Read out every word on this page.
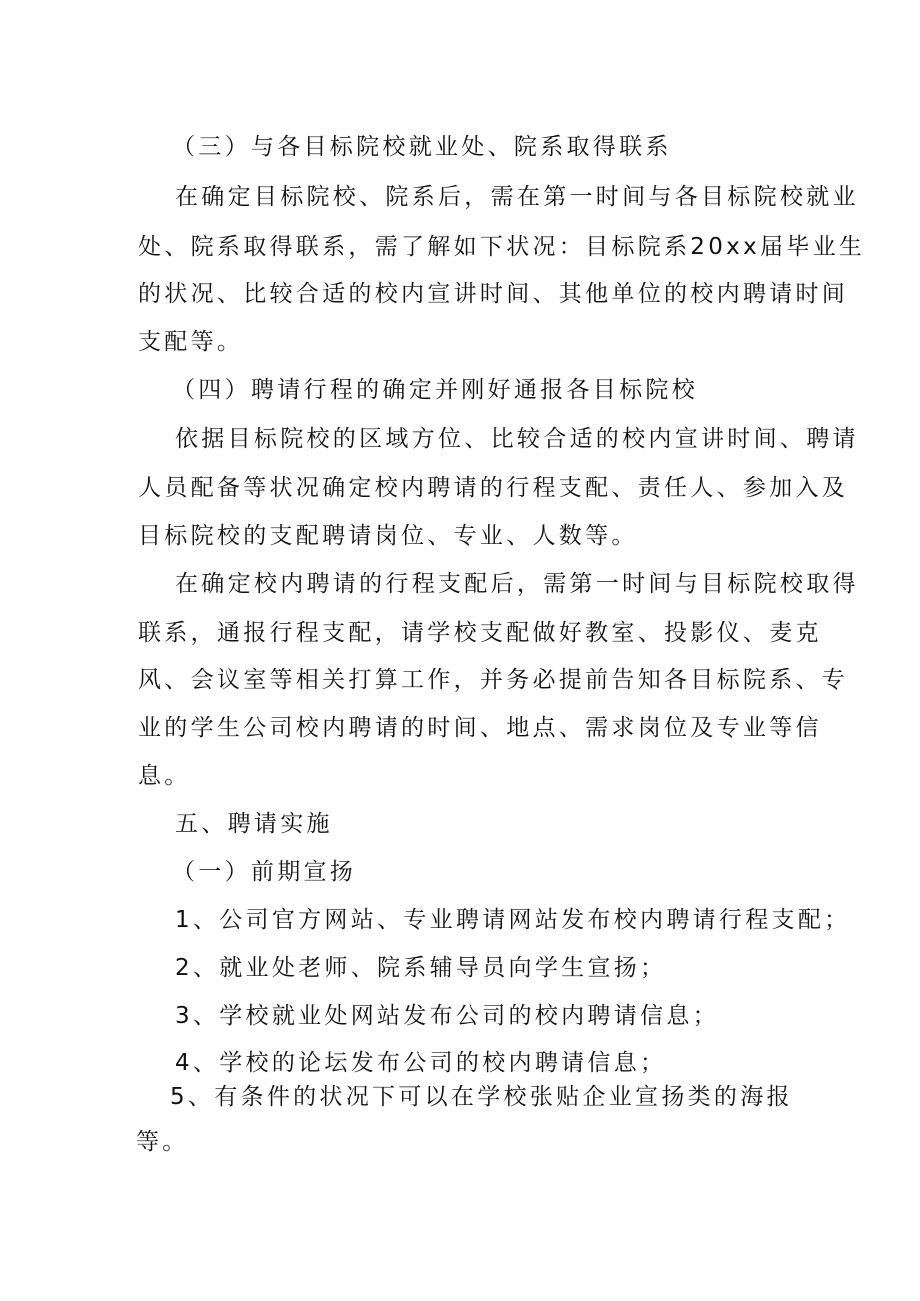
（三）与各目标院校就业处、院系取得联系
在确定目标院校、院系后，需在第一时间与各目标院校就业
处、院系取得联系，需了解如下状况：目标院系20xx届毕业生
的状况、比较合适的校内宣讲时间、其他单位的校内聘请时间
支配等。
（四）聘请行程的确定并刚好通报各目标院校
依据目标院校的区域方位、比较合适的校内宣讲时间、聘请
人员配备等状况确定校内聘请的行程支配、责任人、参加入及
目标院校的支配聘请岗位、专业、人数等。
在确定校内聘请的行程支配后，需第一时间与目标院校取得
联系，通报行程支配，请学校支配做好教室、投影仪、麦克
风、会议室等相关打算工作，并务必提前告知各目标院系、专
业的学生公司校内聘请的时间、地点、需求岗位及专业等信
息。
五、聘请实施
（一）前期宣扬
1、公司官方网站、专业聘请网站发布校内聘请行程支配；
2、就业处老师、院系辅导员向学生宣扬；
3、学校就业处网站发布公司的校内聘请信息；
4、学校的论坛发布公司的校内聘请信息；
5、有条件的状况下可以在学校张贴企业宣扬类的海报
等。
